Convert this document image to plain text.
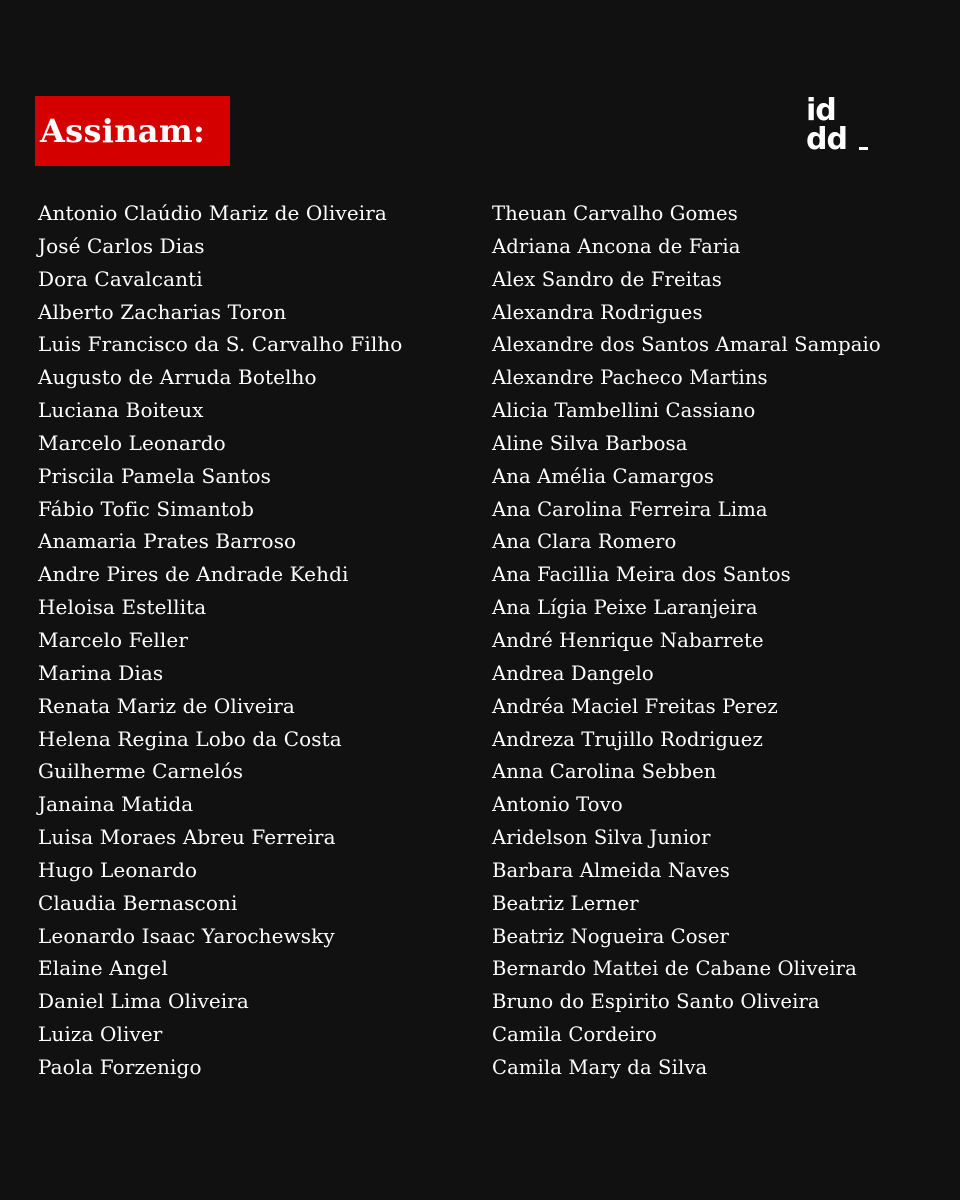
Assinam:
id
dd
Antonio Claúdio Mariz de Oliveira
José Carlos Dias
Dora Cavalcanti
Alberto Zacharias Toron
Luis Francisco da S. Carvalho Filho
Augusto de Arruda Botelho
Luciana Boiteux
Marcelo Leonardo
Priscila Pamela Santos
Fábio Tofic Simantob
Anamaria Prates Barroso
Andre Pires de Andrade Kehdi
Heloisa Estellita
Marcelo Feller
Marina Dias
Renata Mariz de Oliveira
Helena Regina Lobo da Costa
Guilherme Carnelós
Janaina Matida
Luisa Moraes Abreu Ferreira
Hugo Leonardo
Claudia Bernasconi
Leonardo Isaac Yarochewsky
Elaine Angel
Daniel Lima Oliveira
Luiza Oliver
Paola Forzenigo
Theuan Carvalho Gomes
Adriana Ancona de Faria
Alex Sandro de Freitas
Alexandra Rodrigues
Alexandre dos Santos Amaral Sampaio
Alexandre Pacheco Martins
Alicia Tambellini Cassiano
Aline Silva Barbosa
Ana Amélia Camargos
Ana Carolina Ferreira Lima
Ana Clara Romero
Ana Facillia Meira dos Santos
Ana Lígia Peixe Laranjeira
André Henrique Nabarrete
Andrea Dangelo
Andréa Maciel Freitas Perez
Andreza Trujillo Rodriguez
Anna Carolina Sebben
Antonio Tovo
Aridelson Silva Junior
Barbara Almeida Naves
Beatriz Lerner
Beatriz Nogueira Coser
Bernardo Mattei de Cabane Oliveira
Bruno do Espirito Santo Oliveira
Camila Cordeiro
Camila Mary da Silva
